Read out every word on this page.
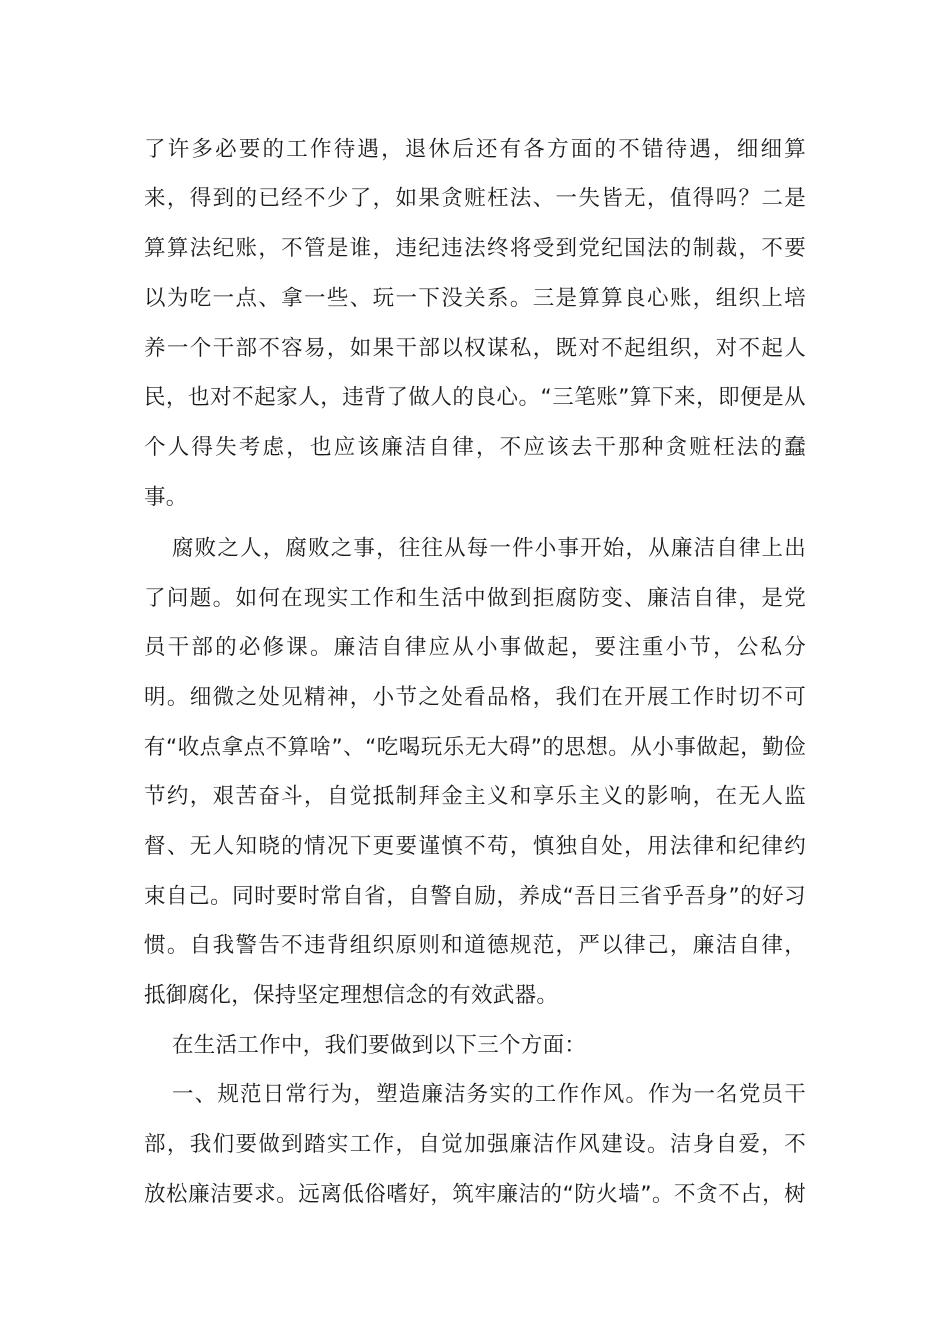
了许多必要的工作待遇，退休后还有各方面的不错待遇，细细算
来，得到的已经不少了，如果贪赃枉法、一失皆无，值得吗？二是
算算法纪账，不管是谁，违纪违法终将受到党纪国法的制裁，不要
以为吃一点、拿一些、玩一下没关系。三是算算良心账，组织上培
养一个干部不容易，如果干部以权谋私，既对不起组织，对不起人
民，也对不起家人，违背了做人的良心。“三笔账”算下来，即便是从
个人得失考虑，也应该廉洁自律，不应该去干那种贪赃枉法的蠢
事。
腐败之人，腐败之事，往往从每一件小事开始，从廉洁自律上出
了问题。如何在现实工作和生活中做到拒腐防变、廉洁自律，是党
员干部的必修课。廉洁自律应从小事做起，要注重小节，公私分
明。细微之处见精神，小节之处看品格，我们在开展工作时切不可
有“收点拿点不算啥”、“吃喝玩乐无大碍”的思想。从小事做起，勤俭
节约，艰苦奋斗，自觉抵制拜金主义和享乐主义的影响，在无人监
督、无人知晓的情况下更要谨慎不苟，慎独自处，用法律和纪律约
束自己。同时要时常自省，自警自励，养成“吾日三省乎吾身”的好习
惯。自我警告不违背组织原则和道德规范，严以律己，廉洁自律，
抵御腐化，保持坚定理想信念的有效武器。
在生活工作中，我们要做到以下三个方面：
一、规范日常行为，塑造廉洁务实的工作作风。作为一名党员干
部，我们要做到踏实工作，自觉加强廉洁作风建设。洁身自爱，不
放松廉洁要求。远离低俗嗜好，筑牢廉洁的“防火墙”。不贪不占，树
